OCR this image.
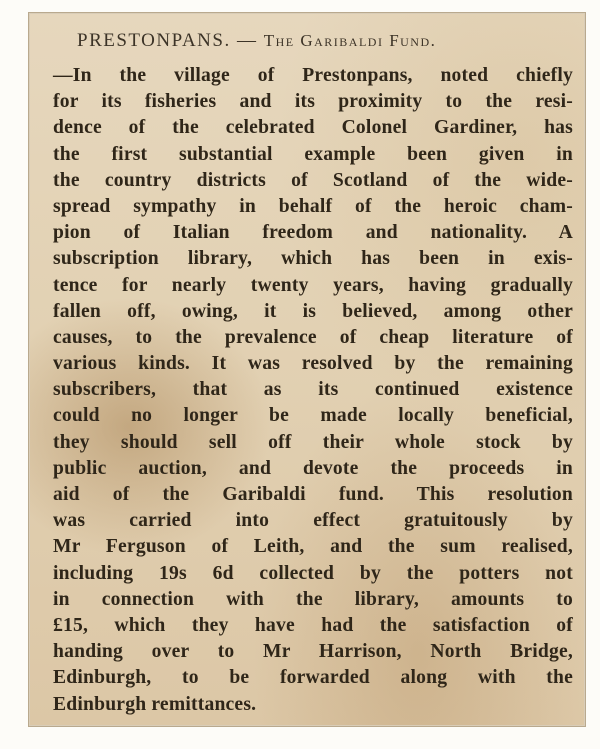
PRESTONPANS. — The Garibaldi Fund.
—In the village of Prestonpans, noted chiefly
for its fisheries and its proximity to the resi-
dence of the celebrated Colonel Gardiner, has
the first substantial example been given in
the country districts of Scotland of the wide-
spread sympathy in behalf of the heroic cham-
pion of Italian freedom and nationality. A
subscription library, which has been in exis-
tence for nearly twenty years, having gradually
fallen off, owing, it is believed, among other
causes, to the prevalence of cheap literature of
various kinds. It was resolved by the remaining
subscribers, that as its continued existence
could no longer be made locally beneficial,
they should sell off their whole stock by
public auction, and devote the proceeds in
aid of the Garibaldi fund. This resolution
was carried into effect gratuitously by
Mr Ferguson of Leith, and the sum realised,
including 19s 6d collected by the potters not
in connection with the library, amounts to
£15, which they have had the satisfaction of
handing over to Mr Harrison, North Bridge,
Edinburgh, to be forwarded along with the
Edinburgh remittances.
